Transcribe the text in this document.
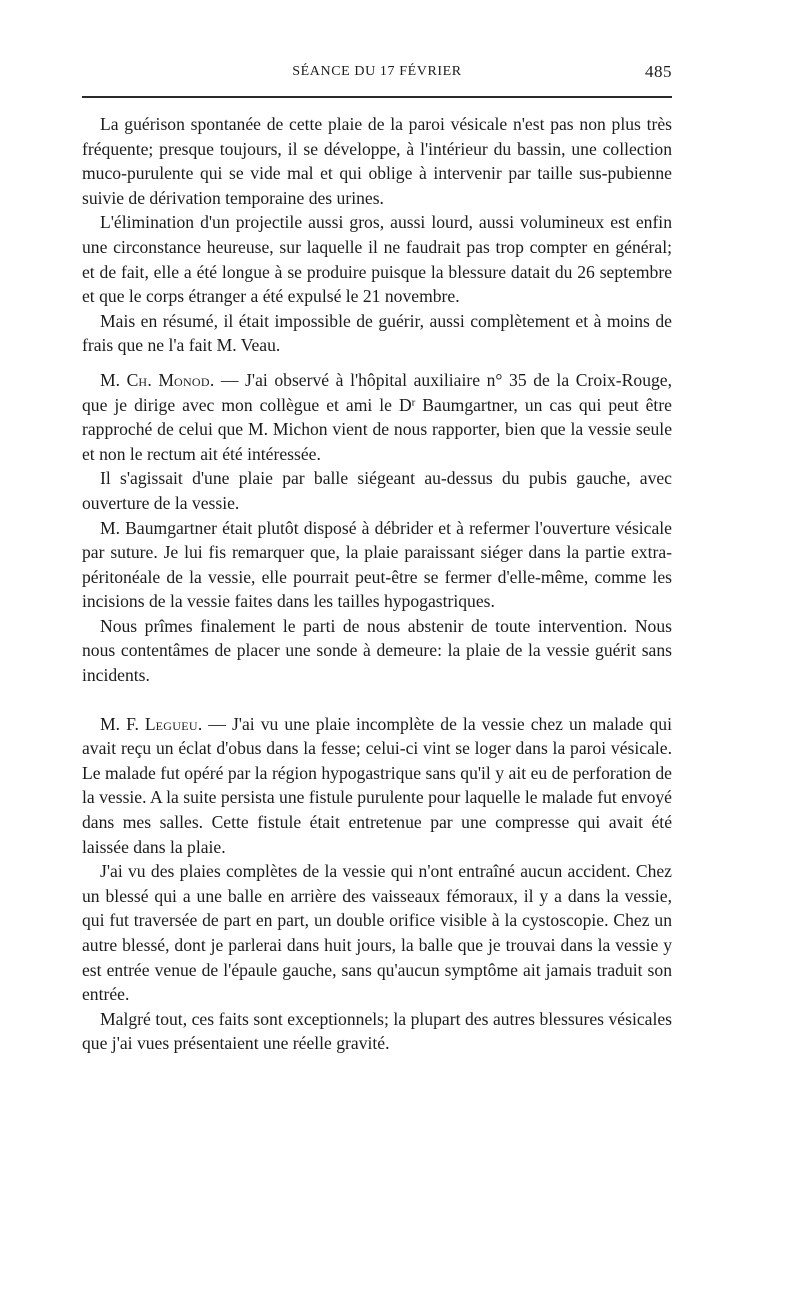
SÉANCE DU 17 FÉVRIER	485

La guérison spontanée de cette plaie de la paroi vésicale n'est pas non plus très fréquente; presque toujours, il se développe, à l'intérieur du bassin, une collection muco-purulente qui se vide mal et qui oblige à intervenir par taille sus-pubienne suivie de dérivation temporaine des urines.

L'élimination d'un projectile aussi gros, aussi lourd, aussi volumineux est enfin une circonstance heureuse, sur laquelle il ne faudrait pas trop compter en général; et de fait, elle a été longue à se produire puisque la blessure datait du 26 septembre et que le corps étranger a été expulsé le 21 novembre.

Mais en résumé, il était impossible de guérir, aussi complètement et à moins de frais que ne l'a fait M. Veau.

M. Ch. Monod. — J'ai observé à l'hôpital auxiliaire n° 35 de la Croix-Rouge, que je dirige avec mon collègue et ami le $D^r$ Baumgartner, un cas qui peut être rapproché de celui que M. Michon vient de nous rapporter, bien que la vessie seule et non le rectum ait été intéressée.

Il s'agissait d'une plaie par balle siégeant au-dessus du pubis gauche, avec ouverture de la vessie.

M. Baumgartner était plutôt disposé à débrider et à refermer l'ouverture vésicale par suture. Je lui fis remarquer que, la plaie paraissant siéger dans la partie extra-péritonéale de la vessie, elle pourrait peut-être se fermer d'elle-même, comme les incisions de la vessie faites dans les tailles hypogastriques.

Nous prîmes finalement le parti de nous abstenir de toute intervention. Nous nous contentâmes de placer une sonde à demeure: la plaie de la vessie guérit sans incidents.

M. F. Legueu. — J'ai vu une plaie incomplète de la vessie chez un malade qui avait reçu un éclat d'obus dans la fesse; celui-ci vint se loger dans la paroi vésicale. Le malade fut opéré par la région hypogastrique sans qu'il y ait eu de perforation de la vessie. A la suite persista une fistule purulente pour laquelle le malade fut envoyé dans mes salles. Cette fistule était entretenue par une compresse qui avait été laissée dans la plaie.

J'ai vu des plaies complètes de la vessie qui n'ont entraîné aucun accident. Chez un blessé qui a une balle en arrière des vaisseaux fémoraux, il y a dans la vessie, qui fut traversée de part en part, un double orifice visible à la cystoscopie. Chez un autre blessé, dont je parlerai dans huit jours, la balle que je trouvai dans la vessie y est entrée venue de l'épaule gauche, sans qu'aucun symptôme ait jamais traduit son entrée.

Malgré tout, ces faits sont exceptionnels; la plupart des autres blessures vésicales que j'ai vues présentaient une réelle gravité.
